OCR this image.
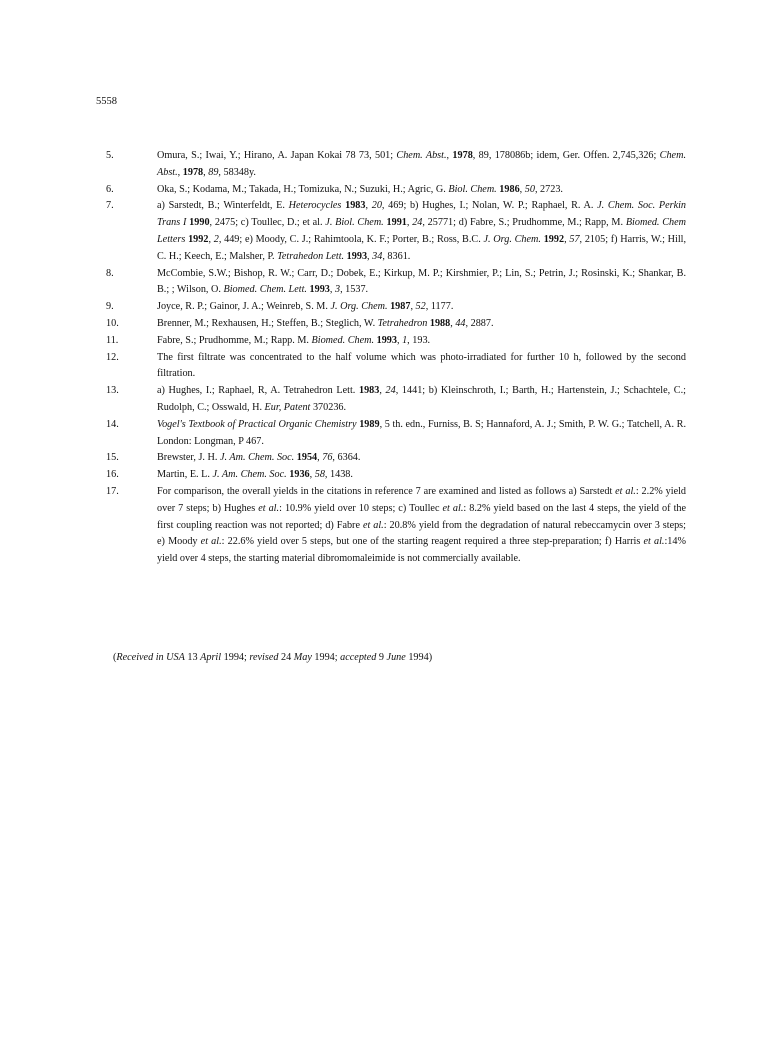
5558
5.	Omura, S.; Iwai, Y.; Hirano, A. Japan Kokai 78 73, 501; Chem. Abst., 1978, 89, 178086b; idem, Ger. Offen. 2,745,326; Chem. Abst., 1978, 89, 58348y.
6.	Oka, S.; Kodama, M.; Takada, H.; Tomizuka, N.; Suzuki, H.; Agric, G. Biol. Chem. 1986, 50, 2723.
7.	a) Sarstedt, B.; Winterfeldt, E. Heterocycles 1983, 20, 469; b) Hughes, I.; Nolan, W. P.; Raphael, R. A. J. Chem. Soc. Perkin Trans I 1990, 2475; c) Toullec, D.; et al. J. Biol. Chem. 1991, 24, 25771; d) Fabre, S.; Prudhomme, M.; Rapp, M. Biomed. Chem Letters 1992, 2, 449; e) Moody, C. J.; Rahimtoola, K. F.; Porter, B.; Ross, B.C. J. Org. Chem. 1992, 57, 2105; f) Harris, W.; Hill, C. H.; Keech, E.; Malsher, P. Tetrahedon Lett. 1993, 34, 8361.
8.	McCombie, S.W.; Bishop, R. W.; Carr, D.; Dobek, E.; Kirkup, M. P.; Kirshmier, P.; Lin, S.; Petrin, J.; Rosinski, K.; Shankar, B. B.; ; Wilson, O. Biomed. Chem. Lett. 1993, 3, 1537.
9.	Joyce, R. P.; Gainor, J. A.; Weinreb, S. M. J. Org. Chem. 1987, 52, 1177.
10.	Brenner, M.; Rexhausen, H.; Steffen, B.; Steglich, W. Tetrahedron 1988, 44, 2887.
11.	Fabre, S.; Prudhomme, M.; Rapp. M. Biomed. Chem. 1993, 1, 193.
12.	The first filtrate was concentrated to the half volume which was photo-irradiated for further 10 h, followed by the second filtration.
13.	a) Hughes, I.; Raphael, R, A. Tetrahedron Lett. 1983, 24, 1441; b) Kleinschroth, I.; Barth, H.; Hartenstein, J.; Schachtele, C.; Rudolph, C.; Osswald, H. Eur, Patent 370236.
14.	Vogel's Textbook of Practical Organic Chemistry 1989, 5 th. edn., Furniss, B. S; Hannaford, A. J.; Smith, P. W. G.; Tatchell, A. R. London: Longman, P 467.
15.	Brewster, J. H. J. Am. Chem. Soc. 1954, 76, 6364.
16.	Martin, E. L. J. Am. Chem. Soc. 1936, 58, 1438.
17.	For comparison, the overall yields in the citations in reference 7 are examined and listed as follows a) Sarstedt et al.: 2.2% yield over 7 steps; b) Hughes et al.: 10.9% yield over 10 steps; c) Toullec et al.: 8.2% yield based on the last 4 steps, the yield of the first coupling reaction was not reported; d) Fabre et al.: 20.8% yield from the degradation of natural rebeccamycin over 3 steps; e) Moody et al.: 22.6% yield over 5 steps, but one of the starting reagent required a three step-preparation; f) Harris et al.:14% yield over 4 steps, the starting material dibromomaleimide is not commercially available.
(Received in USA 13 April 1994; revised 24 May 1994; accepted 9 June 1994)
